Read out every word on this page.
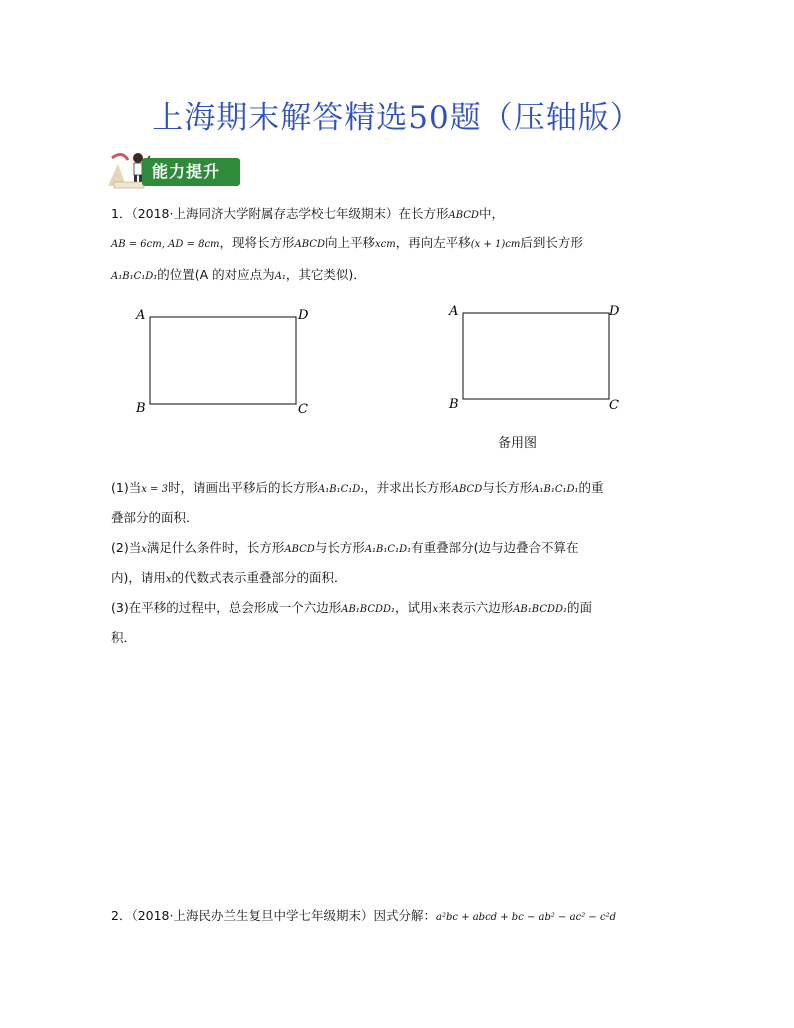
上海期末解答精选50题（压轴版）
能力提升
1．（2018·上海同济大学附属存志学校七年级期末）在长方形ABCD中，
AB = 6cm, AD = 8cm，现将长方形ABCD向上平移xcm，再向左平移(x + 1)cm后到长方形
A₁B₁C₁D₁的位置(A 的对应点为A₁，其它类似)．
A	D
B	C
A	D
B	C
备用图
(1)当x = 3时，请画出平移后的长方形A₁B₁C₁D₁，并求出长方形ABCD与长方形A₁B₁C₁D₁的重
叠部分的面积．
(2)当x满足什么条件时，长方形ABCD与长方形A₁B₁C₁D₁有重叠部分(边与边叠合不算在
内)，请用x的代数式表示重叠部分的面积．
(3)在平移的过程中，总会形成一个六边形AB₁BCDD₁，试用x来表示六边形AB₁BCDD₁的面
积．
2．（2018·上海民办兰生复旦中学七年级期末）因式分解：a²bc + abcd + bc − ab² − ac² − c²d
